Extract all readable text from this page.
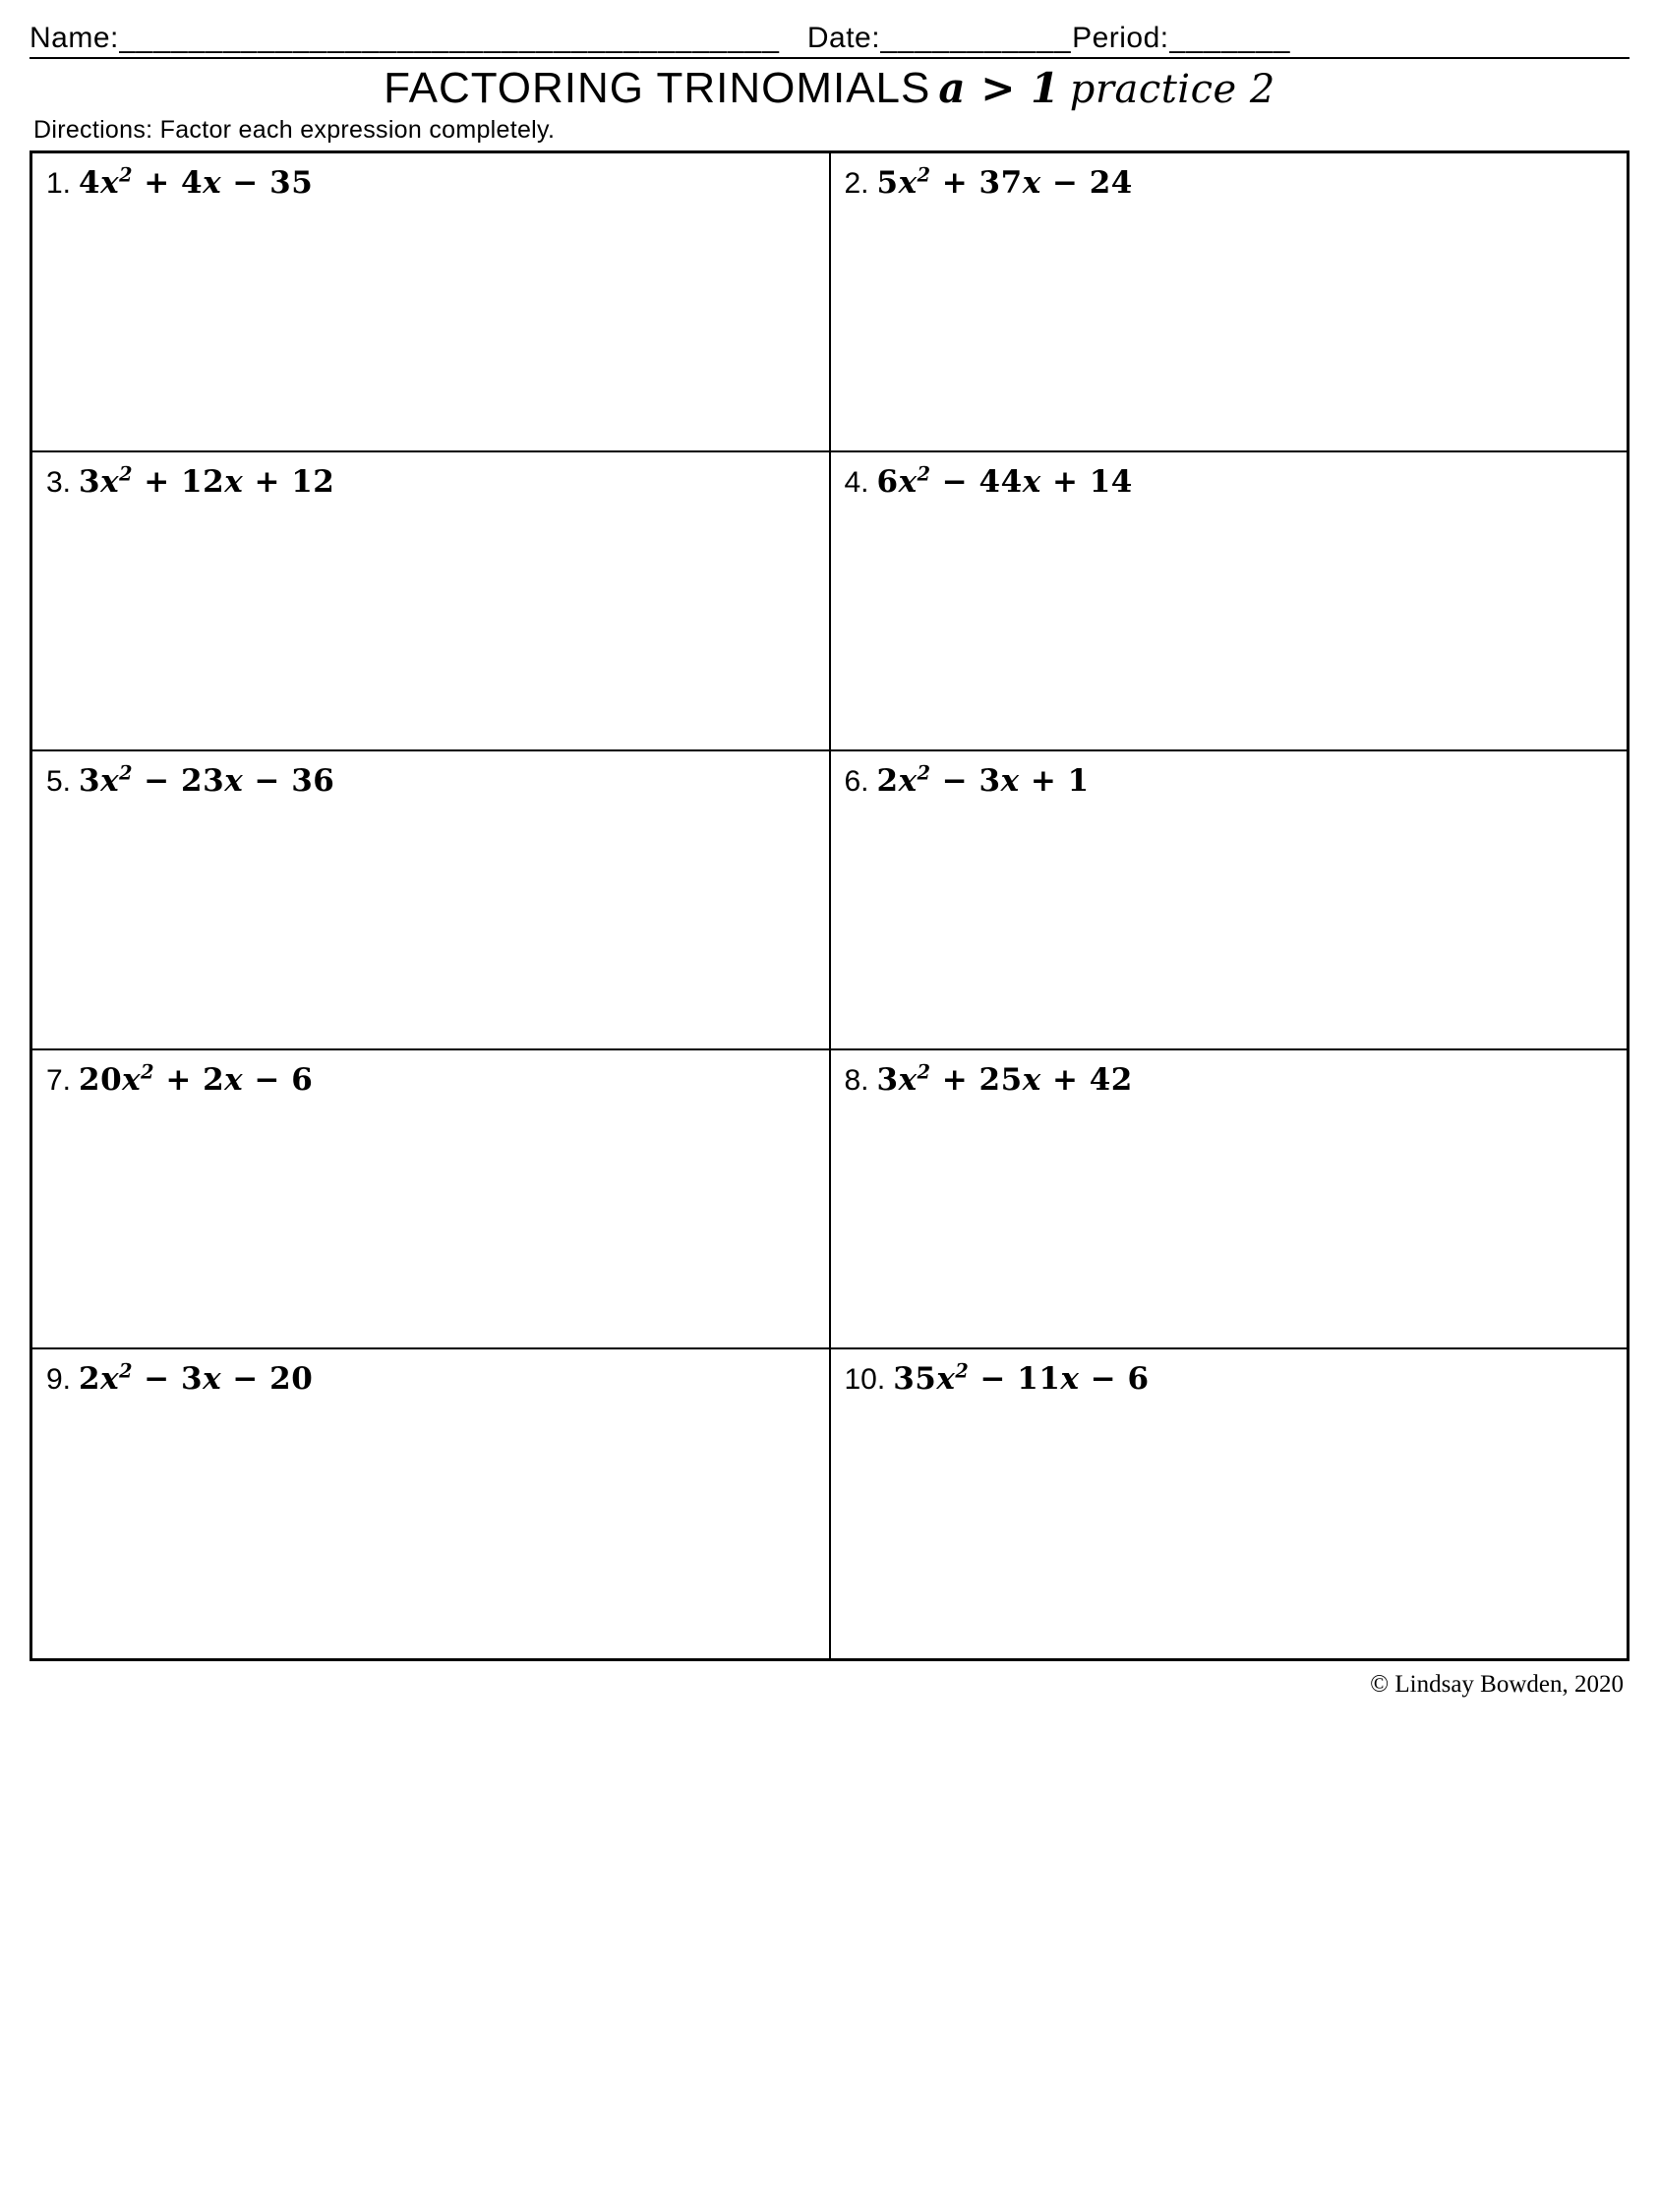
Name: ______________________________________ Date: ___________ Period: _______
FACTORING TRINOMIALS a > 1 practice 2
Directions: Factor each expression completely.
1. $4x^2 + 4x - 35$	2. $5x^2 + 37x - 24$

3. $3x^2 + 12x + 12$	4. $6x^2 - 44x + 14$

5. $3x^2 - 23x - 36$	6. $2x^2 - 3x + 1$

7. $20x^2 + 2x - 6$	8. $3x^2 + 25x + 42$

9. $2x^2 - 3x - 20$	10. $35x^2 - 11x - 6$
© Lindsay Bowden, 2020
